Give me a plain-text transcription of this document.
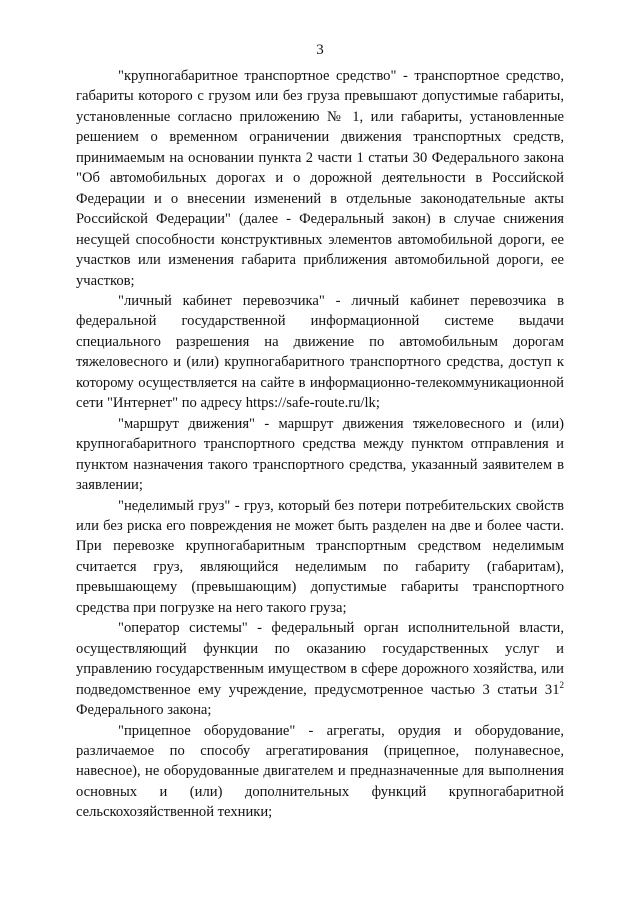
3

"крупногабаритное транспортное средство" - транспортное средство, габариты которого с грузом или без груза превышают допустимые габариты, установленные согласно приложению № 1, или габариты, установленные решением о временном ограничении движения транспортных средств, принимаемым на основании пункта 2 части 1 статьи 30 Федерального закона "Об автомобильных дорогах и о дорожной деятельности в Российской Федерации и о внесении изменений в отдельные законодательные акты Российской Федерации" (далее - Федеральный закон) в случае снижения несущей способности конструктивных элементов автомобильной дороги, ее участков или изменения габарита приближения автомобильной дороги, ее участков;

"личный кабинет перевозчика" - личный кабинет перевозчика в федеральной государственной информационной системе выдачи специального разрешения на движение по автомобильным дорогам тяжеловесного и (или) крупногабаритного транспортного средства, доступ к которому осуществляется на сайте в информационно-телекоммуникационной сети "Интернет" по адресу https://safe-route.ru/lk;

"маршрут движения" - маршрут движения тяжеловесного и (или) крупногабаритного транспортного средства между пунктом отправления и пунктом назначения такого транспортного средства, указанный заявителем в заявлении;

"неделимый груз" - груз, который без потери потребительских свойств или без риска его повреждения не может быть разделен на две и более части. При перевозке крупногабаритным транспортным средством неделимым считается груз, являющийся неделимым по габариту (габаритам), превышающему (превышающим) допустимые габариты транспортного средства при погрузке на него такого груза;

"оператор системы" - федеральный орган исполнительной власти, осуществляющий функции по оказанию государственных услуг и управлению государственным имуществом в сфере дорожного хозяйства, или подведомственное ему учреждение, предусмотренное частью 3 статьи $31^2$ Федерального закона;

"прицепное оборудование" - агрегаты, орудия и оборудование, различаемое по способу агрегатирования (прицепное, полунавесное, навесное), не оборудованные двигателем и предназначенные для выполнения основных и (или) дополнительных функций крупногабаритной сельскохозяйственной техники;
